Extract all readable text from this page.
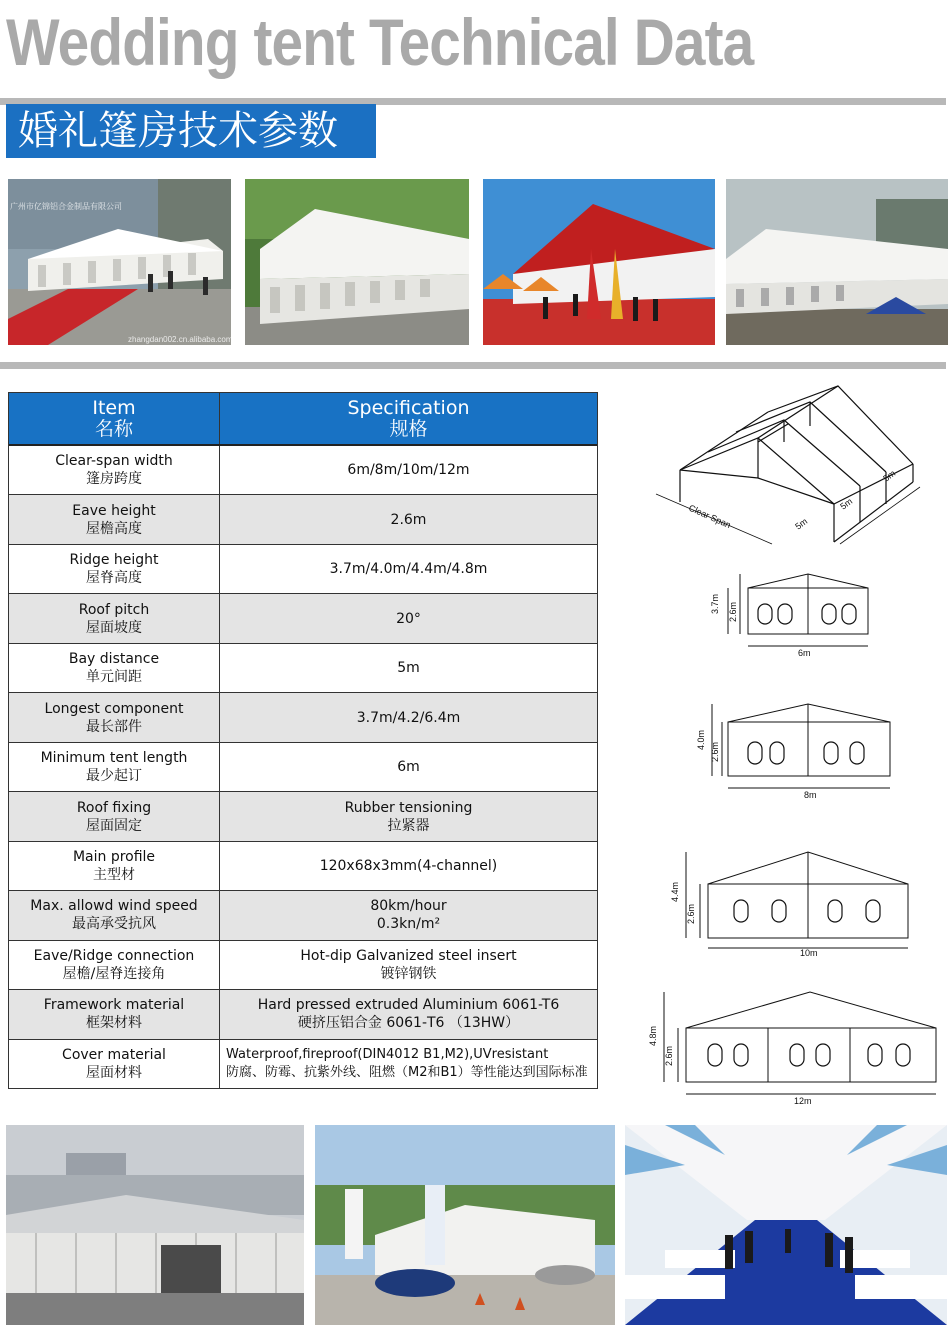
Wedding tent Technical Data
婚礼篷房技术参数
广州市亿锦铝合金制品有限公司
zhangdan002.cn.alibaba.com
Item
名称
Specification
规格
Clear-span width
篷房跨度
6m/8m/10m/12m
Eave height
屋檐高度
2.6m
Ridge height
屋脊高度
3.7m/4.0m/4.4m/4.8m
Roof pitch
屋面坡度
20°
Bay distance
单元间距
5m
Longest component
最长部件
3.7m/4.2/6.4m
Minimum tent length
最少起订
6m
Roof fixing
屋面固定
Rubber tensioning
拉紧器
Main profile
主型材
120x68x3mm(4-channel)
Max. allowd wind speed
最高承受抗风
80km/hour
0.3kn/m²
Eave/Ridge connection
屋檐/屋脊连接角
Hot-dip Galvanized steel insert
镀锌钢铁
Framework material
框架材料
Hard pressed extruded Aluminium 6061-T6
硬挤压铝合金 6061-T6 （13HW）
Cover material
屋面材料
Waterproof,fireproof(DIN4012 B1,M2),UVresistant
防腐、防霉、抗紫外线、阻燃（M2和B1）等性能达到国际标准
Clear Span	5m
5m
5m
6m
3.7m 2.6m
8m
4.0m
2.6m
10m
4.4m
2.6m
12m
4.8m
2.6m
